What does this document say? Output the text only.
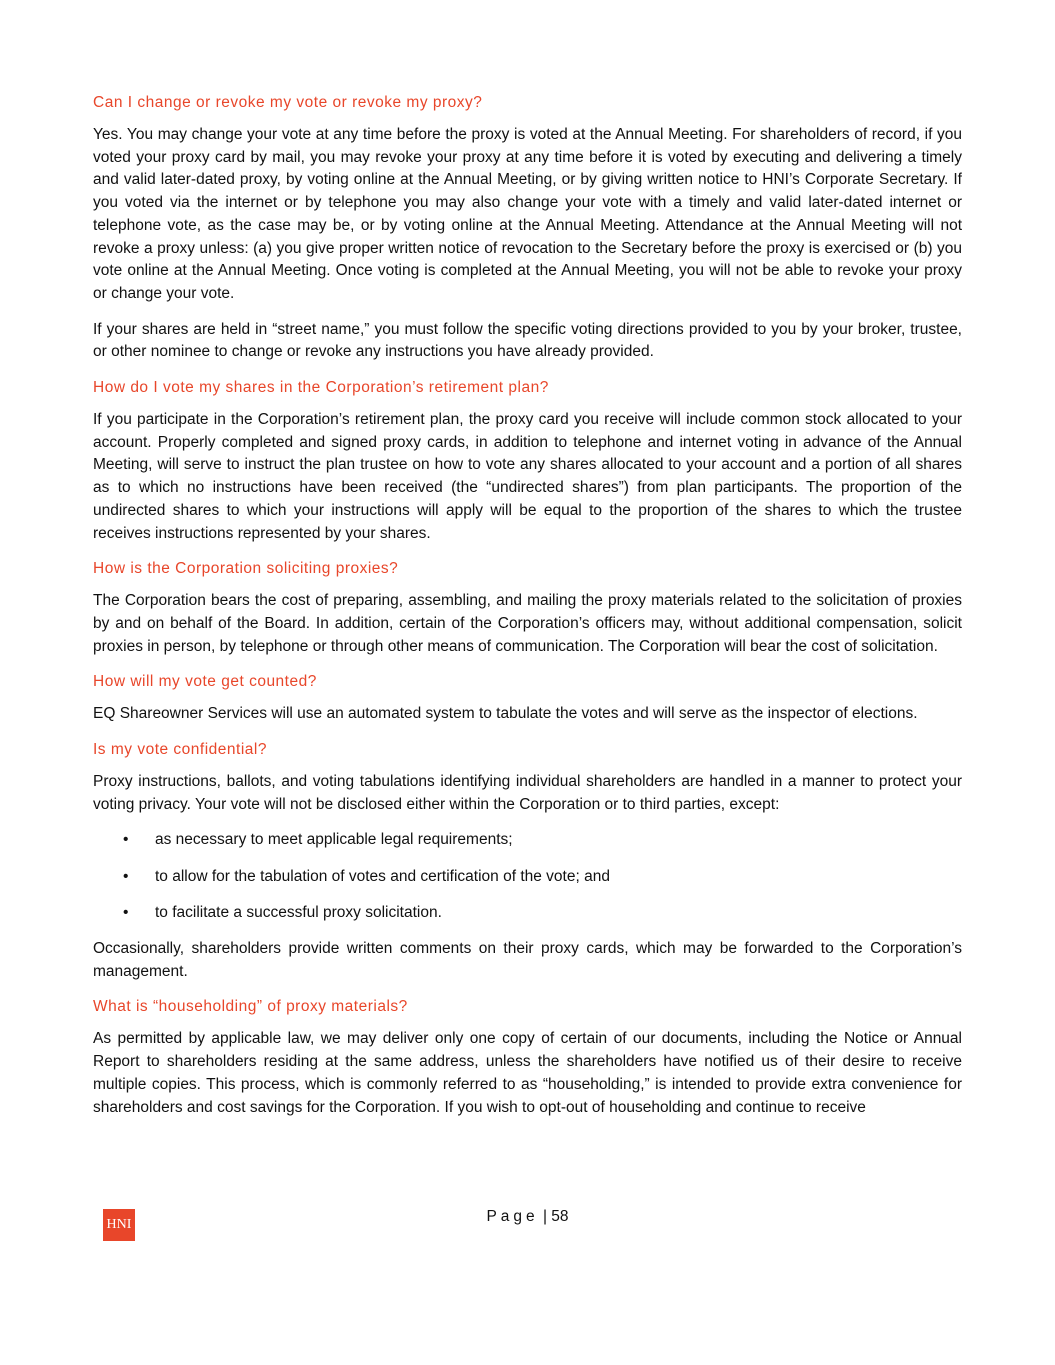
Can I change or revoke my vote or revoke my proxy?
Yes. You may change your vote at any time before the proxy is voted at the Annual Meeting. For shareholders of record, if you voted your proxy card by mail, you may revoke your proxy at any time before it is voted by executing and delivering a timely and valid later-dated proxy, by voting online at the Annual Meeting, or by giving written notice to HNI’s Corporate Secretary. If you voted via the internet or by telephone you may also change your vote with a timely and valid later-dated internet or telephone vote, as the case may be, or by voting online at the Annual Meeting. Attendance at the Annual Meeting will not revoke a proxy unless: (a) you give proper written notice of revocation to the Secretary before the proxy is exercised or (b) you vote online at the Annual Meeting. Once voting is completed at the Annual Meeting, you will not be able to revoke your proxy or change your vote.
If your shares are held in “street name,” you must follow the specific voting directions provided to you by your broker, trustee, or other nominee to change or revoke any instructions you have already provided.
How do I vote my shares in the Corporation’s retirement plan?
If you participate in the Corporation’s retirement plan, the proxy card you receive will include common stock allocated to your account. Properly completed and signed proxy cards, in addition to telephone and internet voting in advance of the Annual Meeting, will serve to instruct the plan trustee on how to vote any shares allocated to your account and a portion of all shares as to which no instructions have been received (the “undirected shares”) from plan participants. The proportion of the undirected shares to which your instructions will apply will be equal to the proportion of the shares to which the trustee receives instructions represented by your shares.
How is the Corporation soliciting proxies?
The Corporation bears the cost of preparing, assembling, and mailing the proxy materials related to the solicitation of proxies by and on behalf of the Board. In addition, certain of the Corporation’s officers may, without additional compensation, solicit proxies in person, by telephone or through other means of communication. The Corporation will bear the cost of solicitation.
How will my vote get counted?
EQ Shareowner Services will use an automated system to tabulate the votes and will serve as the inspector of elections.
Is my vote confidential?
Proxy instructions, ballots, and voting tabulations identifying individual shareholders are handled in a manner to protect your voting privacy. Your vote will not be disclosed either within the Corporation or to third parties, except:
• as necessary to meet applicable legal requirements;
• to allow for the tabulation of votes and certification of the vote; and
• to facilitate a successful proxy solicitation.
Occasionally, shareholders provide written comments on their proxy cards, which may be forwarded to the Corporation’s management.
What is “householding” of proxy materials?
As permitted by applicable law, we may deliver only one copy of certain of our documents, including the Notice or Annual Report to shareholders residing at the same address, unless the shareholders have notified us of their desire to receive multiple copies. This process, which is commonly referred to as “householding,” is intended to provide extra convenience for shareholders and cost savings for the Corporation. If you wish to opt-out of householding and continue to receive
HNI	Page | 58
